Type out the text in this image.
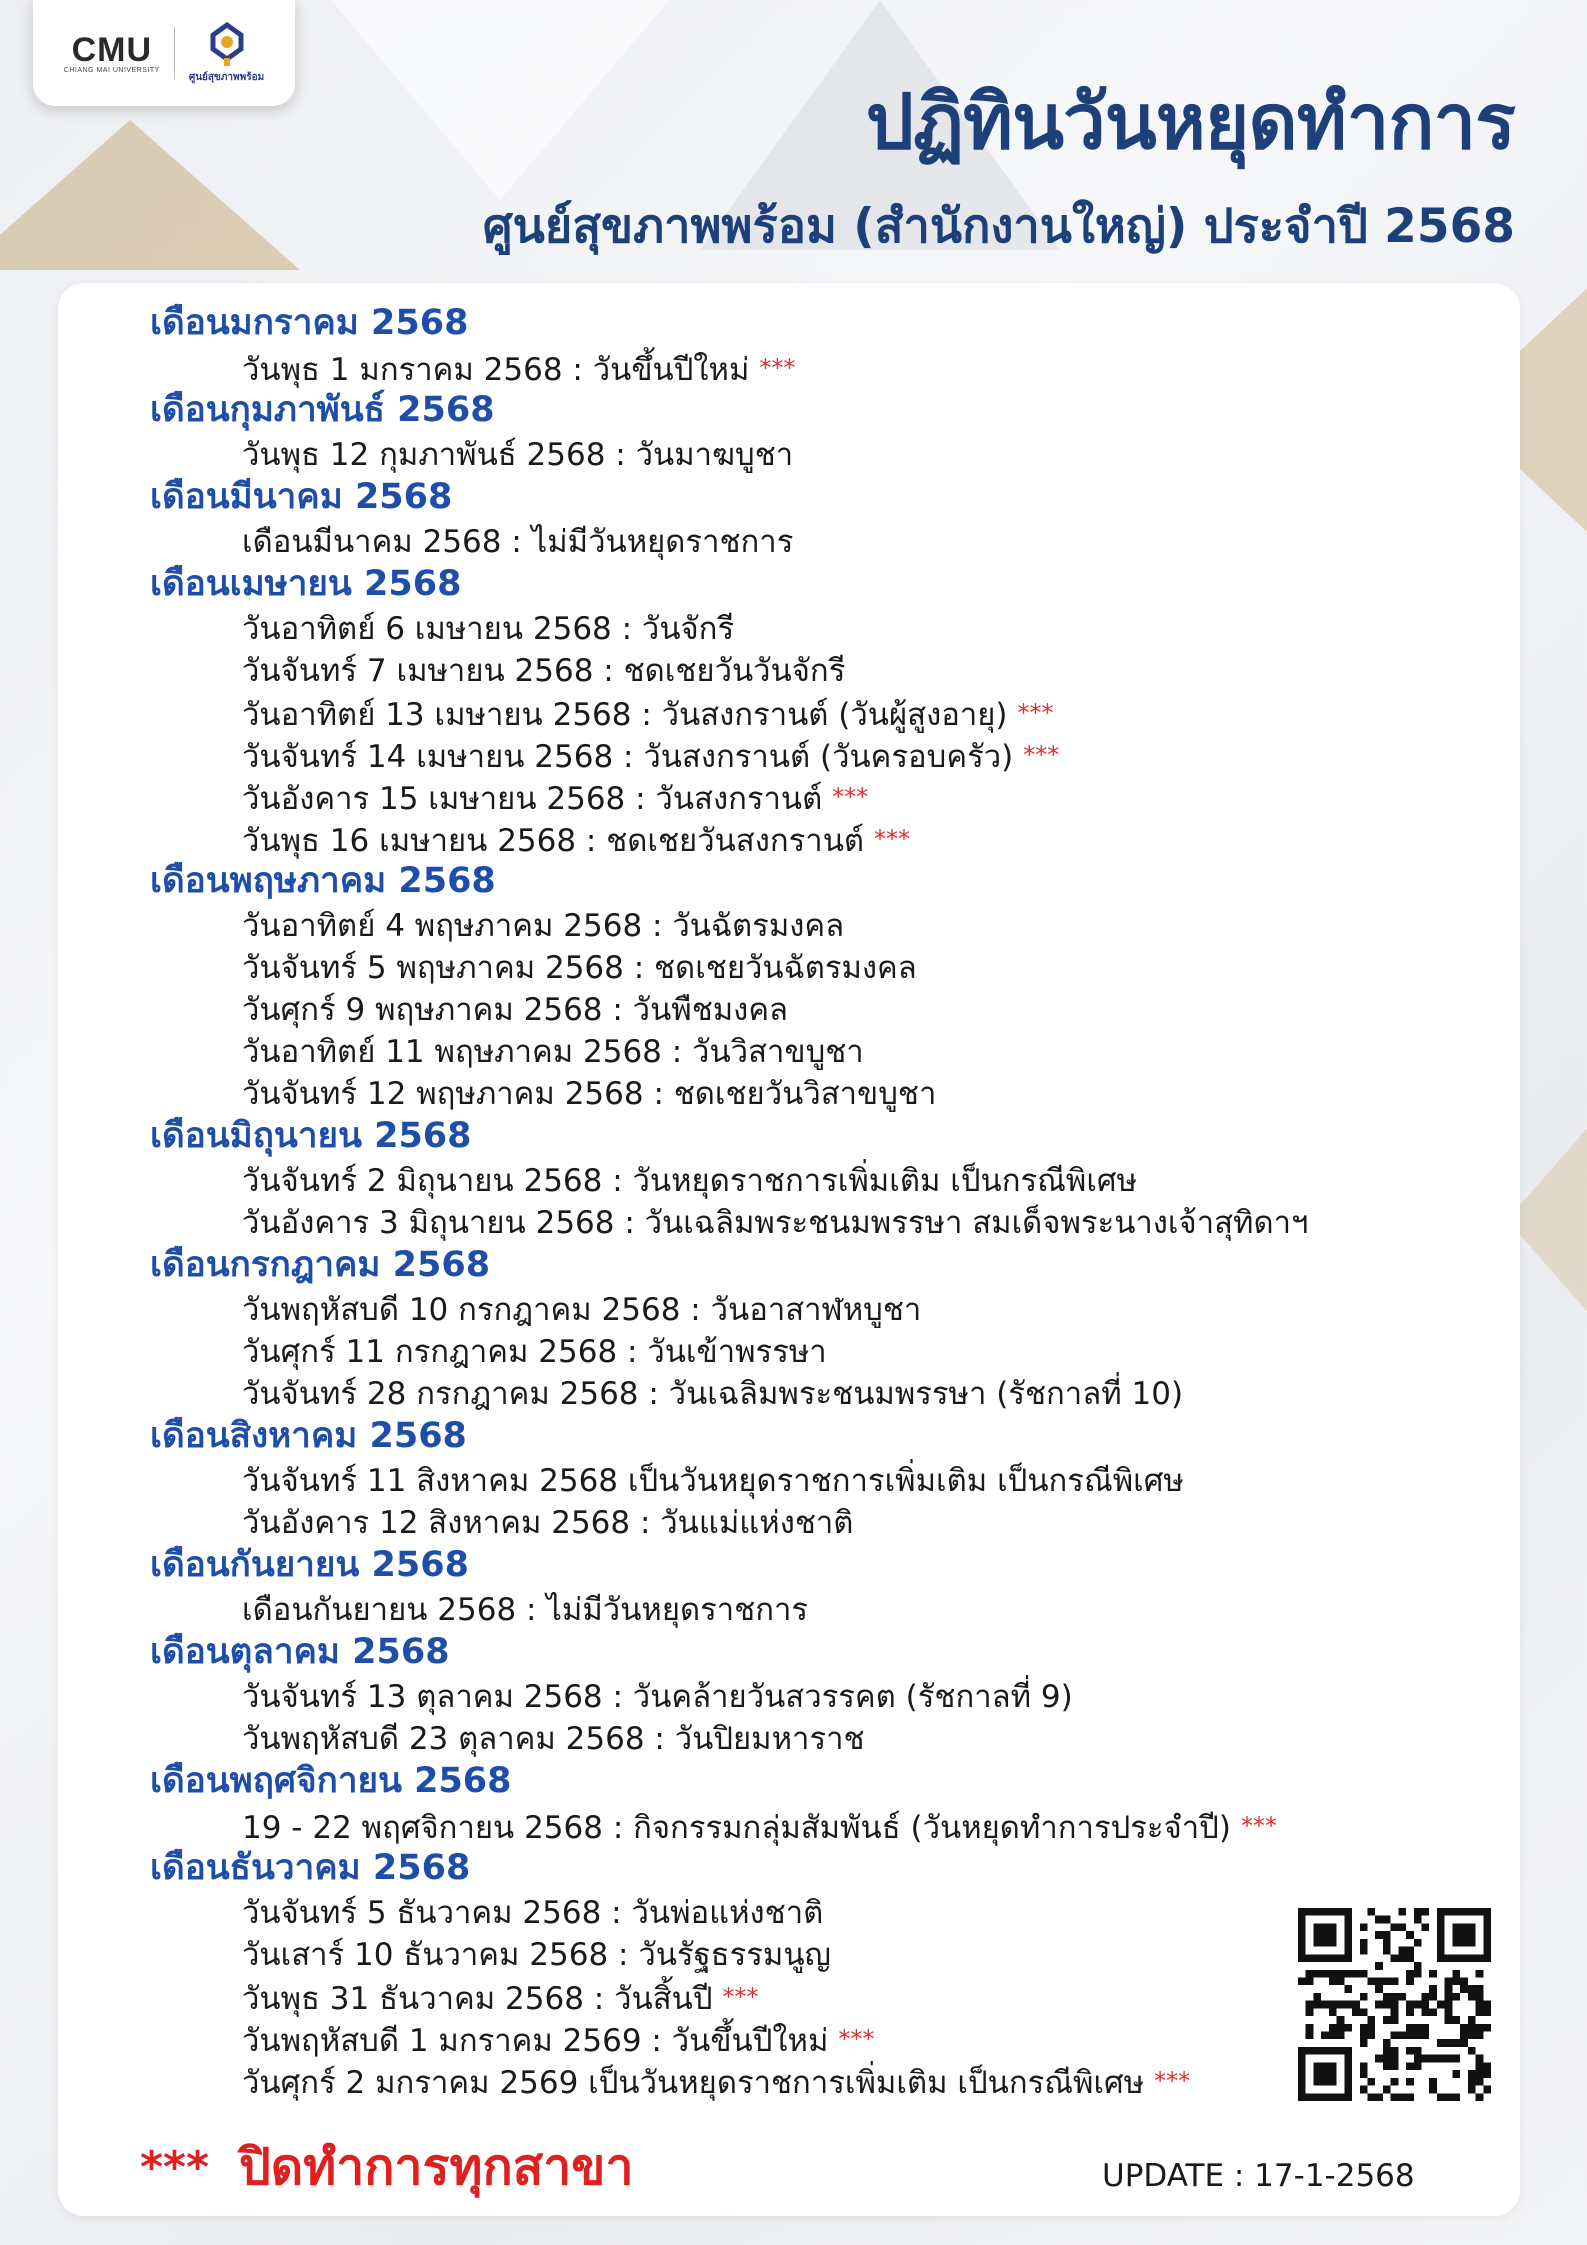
CMU
CHIANG MAI UNIVERSITY
ศูนย์สุขภาพพร้อม	ปฏิทินวันหยุดทำการ
ศูนย์สุขภาพพร้อม (สำนักงานใหญ่) ประจำปี 2568
เดือนมกราคม 2568
วันพุธ 1 มกราคม 2568 : วันขึ้นปีใหม่ ***
เดือนกุมภาพันธ์ 2568
วันพุธ 12 กุมภาพันธ์ 2568 : วันมาฆบูชา
เดือนมีนาคม 2568
เดือนมีนาคม 2568 : ไม่มีวันหยุดราชการ
เดือนเมษายน 2568
วันอาทิตย์ 6 เมษายน 2568 : วันจักรี
วันจันทร์ 7 เมษายน 2568 : ชดเชยวันวันจักรี
วันอาทิตย์ 13 เมษายน 2568 : วันสงกรานต์ (วันผู้สูงอายุ) ***
วันจันทร์ 14 เมษายน 2568 : วันสงกรานต์ (วันครอบครัว) ***
วันอังคาร 15 เมษายน 2568 : วันสงกรานต์ ***
วันพุธ 16 เมษายน 2568 : ชดเชยวันสงกรานต์ ***
เดือนพฤษภาคม 2568
วันอาทิตย์ 4 พฤษภาคม 2568 : วันฉัตรมงคล
วันจันทร์ 5 พฤษภาคม 2568 : ชดเชยวันฉัตรมงคล
วันศุกร์ 9 พฤษภาคม 2568 : วันพืชมงคล
วันอาทิตย์ 11 พฤษภาคม 2568 : วันวิสาขบูชา
วันจันทร์ 12 พฤษภาคม 2568 : ชดเชยวันวิสาขบูชา
เดือนมิถุนายน 2568
วันจันทร์ 2 มิถุนายน 2568 : วันหยุดราชการเพิ่มเติม เป็นกรณีพิเศษ
วันอังคาร 3 มิถุนายน 2568 : วันเฉลิมพระชนมพรรษา สมเด็จพระนางเจ้าสุทิดาฯ
เดือนกรกฎาคม 2568
วันพฤหัสบดี 10 กรกฎาคม 2568 : วันอาสาฬหบูชา
วันศุกร์ 11 กรกฎาคม 2568 : วันเข้าพรรษา
วันจันทร์ 28 กรกฎาคม 2568 : วันเฉลิมพระชนมพรรษา (รัชกาลที่ 10)
เดือนสิงหาคม 2568
วันจันทร์ 11 สิงหาคม 2568 เป็นวันหยุดราชการเพิ่มเติม เป็นกรณีพิเศษ
วันอังคาร 12 สิงหาคม 2568 : วันแม่แห่งชาติ
เดือนกันยายน 2568
เดือนกันยายน 2568 : ไม่มีวันหยุดราชการ
เดือนตุลาคม 2568
วันจันทร์ 13 ตุลาคม 2568 : วันคล้ายวันสวรรคต (รัชกาลที่ 9)
วันพฤหัสบดี 23 ตุลาคม 2568 : วันปิยมหาราช
เดือนพฤศจิกายน 2568
19 - 22 พฤศจิกายน 2568 : กิจกรรมกลุ่มสัมพันธ์ (วันหยุดทำการประจำปี) ***
เดือนธันวาคม 2568
วันจันทร์ 5 ธันวาคม 2568 : วันพ่อแห่งชาติ
วันเสาร์ 10 ธันวาคม 2568 : วันรัฐธรรมนูญ
วันพุธ 31 ธันวาคม 2568 : วันสิ้นปี ***
วันพฤหัสบดี 1 มกราคม 2569 : วันขึ้นปีใหม่ ***
วันศุกร์ 2 มกราคม 2569 เป็นวันหยุดราชการเพิ่มเติม เป็นกรณีพิเศษ ***
*** ปิดทำการทุกสาขา	UPDATE : 17-1-2568
